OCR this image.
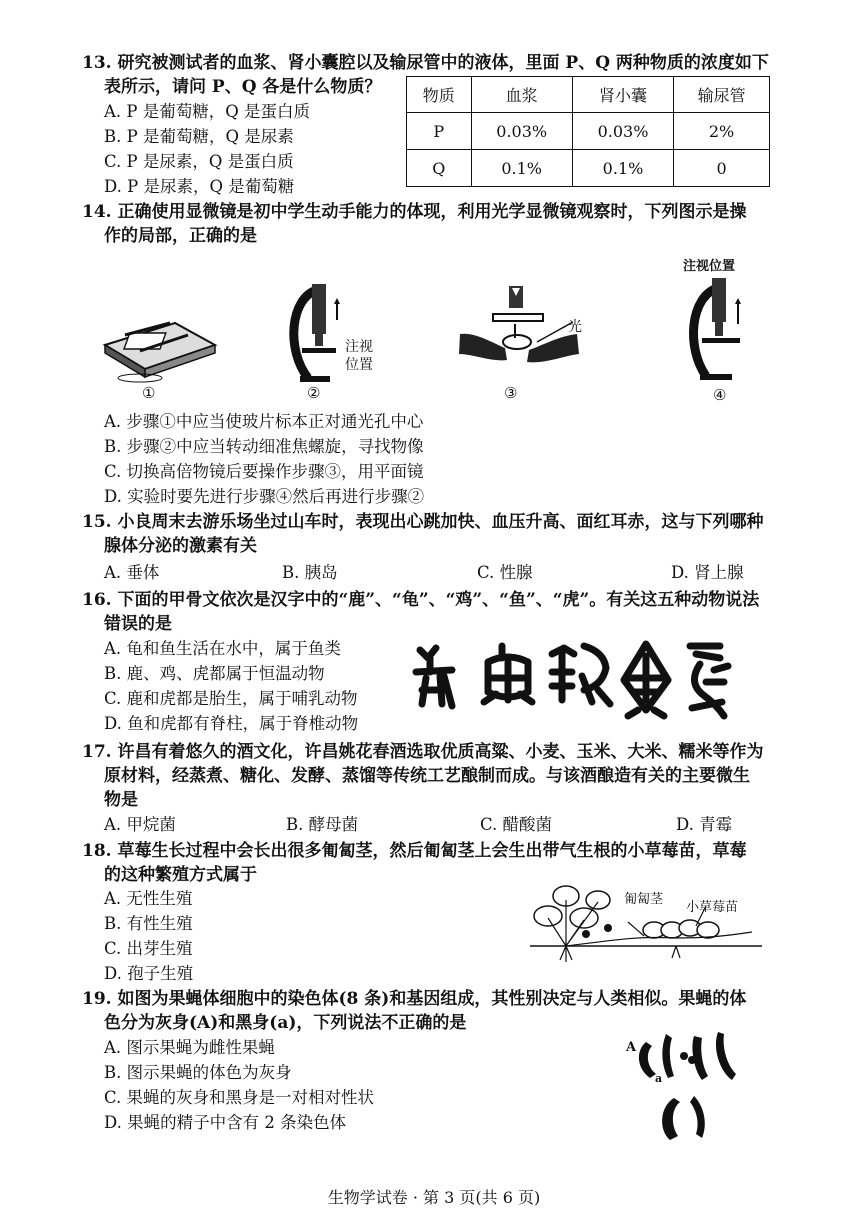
13. 研究被测试者的血浆、肾小囊腔以及输尿管中的液体，里面 P、Q 两种物质的浓度如下
表所示，请问 P、Q 各是什么物质？
A. P 是葡萄糖，Q 是蛋白质
B. P 是葡萄糖，Q 是尿素
C. P 是尿素，Q 是蛋白质
D. P 是尿素，Q 是葡萄糖
物质	血浆	肾小囊	输尿管
P	0.03%	0.03%	2%
Q	0.1%	0.1%	0
14. 正确使用显微镜是初中学生动手能力的体现，利用光学显微镜观察时，下列图示是操
作的局部，正确的是
①
注视
位置
②
光
③
注视位置
④
A. 步骤①中应当使玻片标本正对通光孔中心
B. 步骤②中应当转动细准焦螺旋，寻找物像
C. 切换高倍物镜后要操作步骤③，用平面镜
D. 实验时要先进行步骤④然后再进行步骤②
15. 小良周末去游乐场坐过山车时，表现出心跳加快、血压升高、面红耳赤，这与下列哪种
腺体分泌的激素有关
A. 垂体	B. 胰岛	C. 性腺	D. 肾上腺
16. 下面的甲骨文依次是汉字中的“鹿”、“龟”、“鸡”、“鱼”、“虎”。有关这五种动物说法
错误的是
A. 龟和鱼生活在水中，属于鱼类
B. 鹿、鸡、虎都属于恒温动物
C. 鹿和虎都是胎生，属于哺乳动物
D. 鱼和虎都有脊柱，属于脊椎动物
17. 许昌有着悠久的酒文化，许昌姚花春酒选取优质高粱、小麦、玉米、大米、糯米等作为
原材料，经蒸煮、糖化、发酵、蒸馏等传统工艺酿制而成。与该酒酿造有关的主要微生
物是
A. 甲烷菌	B. 酵母菌	C. 醋酸菌	D. 青霉
18. 草莓生长过程中会长出很多匍匐茎，然后匍匐茎上会生出带气生根的小草莓苗，草莓
的这种繁殖方式属于
A. 无性生殖
B. 有性生殖
C. 出芽生殖
D. 孢子生殖
匍匐茎
小草莓苗
19. 如图为果蝇体细胞中的染色体(8 条)和基因组成，其性别决定与人类相似。果蝇的体
色分为灰身(A)和黑身(a)，下列说法不正确的是
A. 图示果蝇为雌性果蝇
B. 图示果蝇的体色为灰身
C. 果蝇的灰身和黑身是一对相对性状
D. 果蝇的精子中含有 2 条染色体
A
a
生物学试卷 · 第 3 页(共 6 页)
